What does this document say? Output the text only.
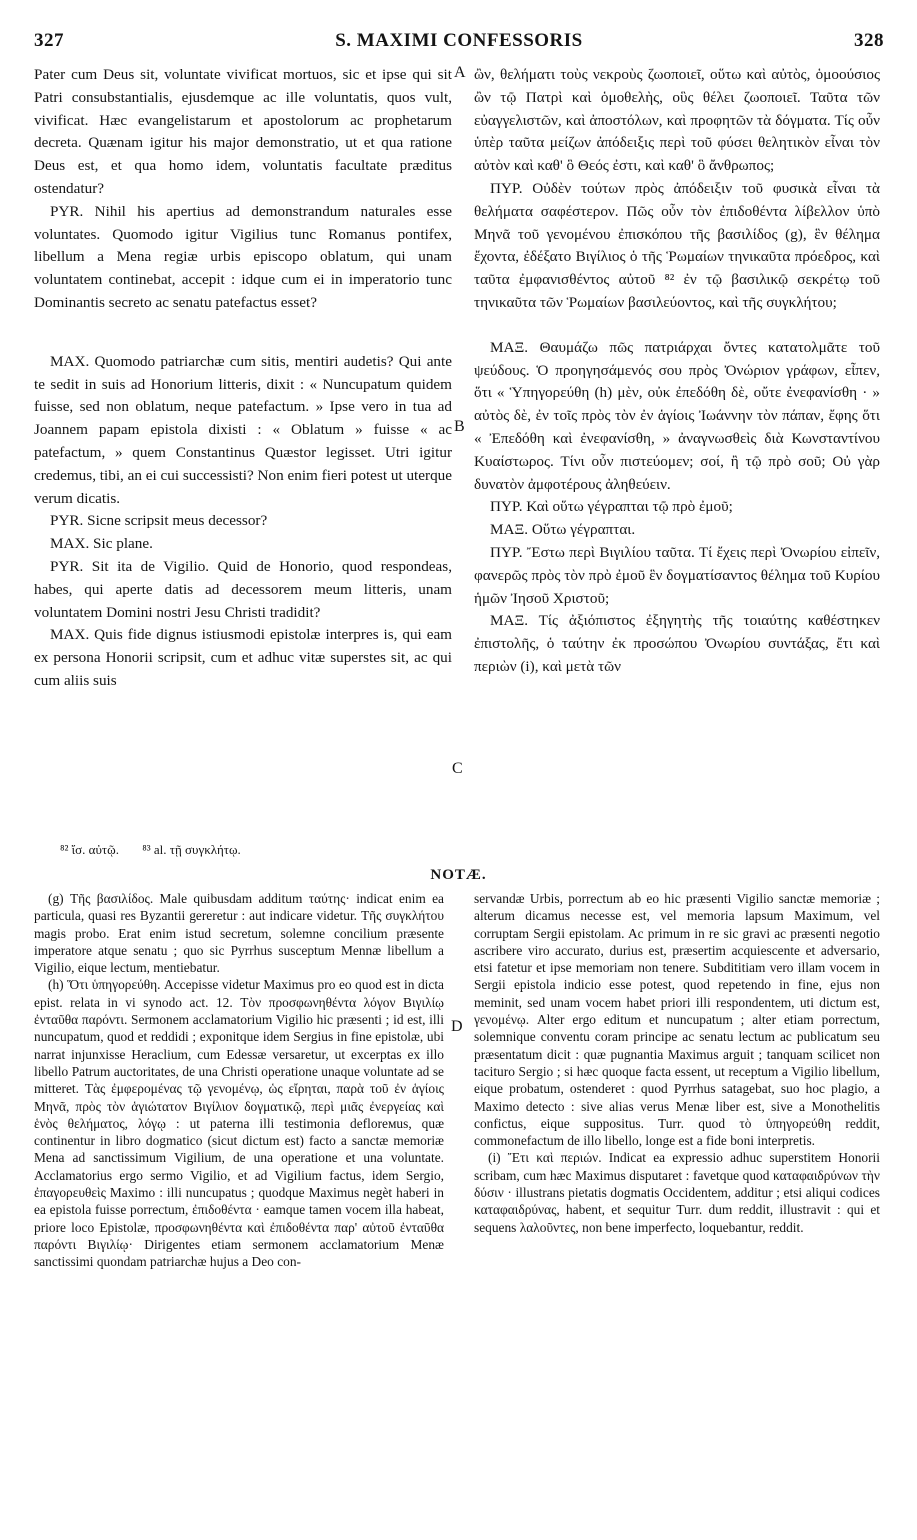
327	S. MAXIMI CONFESSORIS	328

Pater cum Deus sit, voluntate vivificat mortuos, sic et ipse qui sit Patri consubstantialis, ejusdemque ac ille voluntatis, quos vult, vivificat. Hæc evangelistarum et apostolorum ac prophetarum decreta. Quænam igitur his major demonstratio, ut et qua ratione Deus est, et qua homo idem, voluntatis facultate præditus ostendatur?

PYR. Nihil his apertius ad demonstrandum naturales esse voluntates. Quomodo igitur Vigilius tunc Romanus pontifex, libellum a Mena regiæ urbis episcopo oblatum, qui unam voluntatem continebat, accepit : idque cum ei in imperatorio tunc Dominantis secreto ac senatu patefactus esset?

MAX. Quomodo patriarchæ cum sitis, mentiri audetis? Qui ante te sedit in suis ad Honorium litteris, dixit : « Nuncupatum quidem fuisse, sed non oblatum, neque patefactum. » Ipse vero in tua ad Joannem papam epistola dixisti : « Oblatum » fuisse « ac patefactum, » quem Constantinus Quæstor legisset. Utri igitur credemus, tibi, an ei cui successisti? Non enim fieri potest ut uterque verum dicatis.

PYR. Sicne scripsit meus decessor?

MAX. Sic plane.

PYR. Sit ita de Vigilio. Quid de Honorio, quod respondeas, habes, qui aperte datis ad decessorem meum litteris, unam voluntatem Domini nostri Jesu Christi tradidit?

MAX. Quis fide dignus istiusmodi epistolæ interpres is, qui eam ex persona Honorii scripsit, cum et adhuc vitæ superstes sit, ac qui cum aliis suis

A
B
C
D

ὢν, θελήματι τοὺς νεκροὺς ζωοποιεῖ, οὕτω καὶ αὐτὸς, ὁμοούσιος ὢν τῷ Πατρὶ καὶ ὁμοθελὴς, οὓς θέλει ζωοποιεῖ. Ταῦτα τῶν εὐαγγελιστῶν, καὶ ἀποστόλων, καὶ προφητῶν τὰ δόγματα. Τίς οὖν ὑπὲρ ταῦτα μείζων ἀπόδειξις περὶ τοῦ φύσει θελητικὸν εἶναι τὸν αὐτὸν καὶ καθ' ὃ Θεός ἐστι, καὶ καθ' ὃ ἄνθρωπος;

ΠΥΡ. Οὐδὲν τούτων πρὸς ἀπόδειξιν τοῦ φυσικὰ εἶναι τὰ θελήματα σαφέστερον. Πῶς οὖν τὸν ἐπιδοθέντα λίβελλον ὑπὸ Μηνᾶ τοῦ γενομένου ἐπισκόπου τῆς βασιλίδος (g), ἓν θέλημα ἔχοντα, ἐδέξατο Βιγίλιος ὁ τῆς Ῥωμαίων τηνικαῦτα πρόεδρος, καὶ ταῦτα ἐμφανισθέντος αὐτοῦ ⁸² ἐν τῷ βασιλικῷ σεκρέτῳ τοῦ τηνικαῦτα τῶν Ῥωμαίων βασιλεύοντος, καὶ τῆς συγκλήτου;

ΜΑΞ. Θαυμάζω πῶς πατριάρχαι ὄντες κατατολμᾶτε τοῦ ψεύδους. Ὁ προηγησάμενός σου πρὸς Ὀνώριον γράφων, εἶπεν, ὅτι « Ὑπηγορεύθη (h) μὲν, οὐκ ἐπεδόθη δὲ, οὔτε ἐνεφανίσθη · » αὐτὸς δὲ, ἐν τοῖς πρὸς τὸν ἐν ἁγίοις Ἰωάννην τὸν πάπαν, ἔφης ὅτι « Ἐπεδόθη καὶ ἐνεφανίσθη, » ἀναγνωσθεὶς διὰ Κωνσταντίνου Κυαίστωρος. Τίνι οὖν πιστεύομεν; σοί, ἢ τῷ πρὸ σοῦ; Οὐ γὰρ δυνατὸν ἀμφοτέρους ἀληθεύειν.

ΠΥΡ. Καὶ οὕτω γέγραπται τῷ πρὸ ἐμοῦ;

ΜΑΞ. Οὕτω γέγραπται.

ΠΥΡ. Ἔστω περὶ Βιγιλίου ταῦτα. Τί ἔχεις περὶ Ὀνωρίου εἰπεῖν, φανερῶς πρὸς τὸν πρὸ ἐμοῦ ἓν δογματίσαντος θέλημα τοῦ Κυρίου ἡμῶν Ἰησοῦ Χριστοῦ;

ΜΑΞ. Τίς ἀξιόπιστος ἐξηγητὴς τῆς τοιαύτης καθέστηκεν ἐπιστολῆς, ὁ ταύτην ἐκ προσώπου Ὀνωρίου συντάξας, ἔτι καὶ περιὼν (i), καὶ μετὰ τῶν

⁸² ἴσ. αὐτῷ. ⁸³ al. τῇ συγκλήτῳ.
NOTÆ.

(g) Τῆς βασιλίδος. Male quibusdam additum ταύτης· indicat enim ea particula, quasi res Byzantii gereretur : aut indicare videtur. Τῆς συγκλήτου magis probo. Erat enim istud secretum, solemne concilium præsente imperatore atque senatu ; quo sic Pyrrhus susceptum Mennæ libellum a Vigilio, eique lectum, mentiebatur.

(h) Ὅτι ὑπηγορεύθη. Accepisse videtur Maximus pro eo quod est in dicta epist. relata in vi synodo act. 12. Τὸν προσφωνηθέντα λόγον Βιγιλίῳ ἐνταῦθα παρόντι. Sermonem acclamatorium Vigilio hic præsenti ; id est, illi nuncupatum, quod et reddidi ; exponitque idem Sergius in fine epistolæ, ubi narrat injunxisse Heraclium, cum Edessæ versaretur, ut excerptas ex illo libello Patrum auctoritates, de una Christi operatione unaque voluntate ad se mitteret. Τὰς ἐμφερομένας τῷ γενομένῳ, ὡς εἴρηται, παρὰ τοῦ ἐν ἁγίοις Μηνᾶ, πρὸς τὸν ἁγιώτατον Βιγίλιον δογματικῷ, περὶ μιᾶς ἐνεργείας καὶ ἑνὸς θελήματος, λόγῳ : ut paterna illi testimonia deflorемus, quæ continentur in libro dogmatico (sicut dictum est) facto a sanctæ memoriæ Mena ad sanctissimum Vigilium, de una operatione et una voluntate. Acclamatorius ergo sermo Vigilio, et ad Vigilium factus, idem Sergio, ἐπαγορευθεὶς Maximo : illi nuncupatus ; quodque Maximus negèt haberi in ea epistola fuisse porrectum, ἐπιδοθέντα · eamque tamen vocem illa habeat, priore loco Epistolæ, προσφωνηθέντα καὶ ἐπιδοθέντα παρ' αὐτοῦ ἐνταῦθα παρόντι Βιγιλίῳ· Dirigentes etiam sermonem acclamatorium Menæ sanctissimi quondam patriarchæ hujus a Deo con-

servandæ Urbis, porrectum ab eo hic præsenti Vigilio sanctæ memoriæ ; alterum dicamus necesse est, vel memoria lapsum Maximum, vel corruptam Sergii epistolam. Ac primum in re sic gravi ac præsenti negotio ascribere viro accurato, durius est, præsertim acquiescente et adversario, etsi fatetur et ipse memoriam non tenere. Subdititiam vero illam vocem in Sergii epistola indicio esse potest, quod repetendo in fine, ejus non meminit, sed unam vocem habet priori illi respondentem, uti dictum est, γενομένῳ. Alter ergo editum et nuncupatum ; alter etiam porrectum, solemnique conventu coram principe ac senatu lectum ac publicatum seu præsentatum dicit : quæ pugnantia Maximus arguit ; tanquam scilicet non taciturо Sergio ; si hæc quoque facta essent, ut receptum a Vigilio libellum, eique probatum, ostenderet : quod Pyrrhus satagebat, suo hoc plagio, a Maximo detecto : sive alias verus Menæ liber est, sive a Monothelitis confictus, eique suppositus. Turr. quod τὸ ὑπηγορεύθη reddit, commonefactum de illo libello, longe est a fide boni interpretis.

(i) Ἔτι καὶ περιών. Indicat ea expressio adhuc superstitem Honorii scribam, cum hæc Maximus disputaret : favetque quod καταφαιδρύνων τὴν δύσιν · illustrans pietatis dogmatis Occidentem, additur ; etsi aliqui codices καταφαιδρύνας, habent, et sequitur Turr. dum reddit, illustravit : qui et sequens λαλοῦντες, non bene imperfecto, loquebantur, reddit.
